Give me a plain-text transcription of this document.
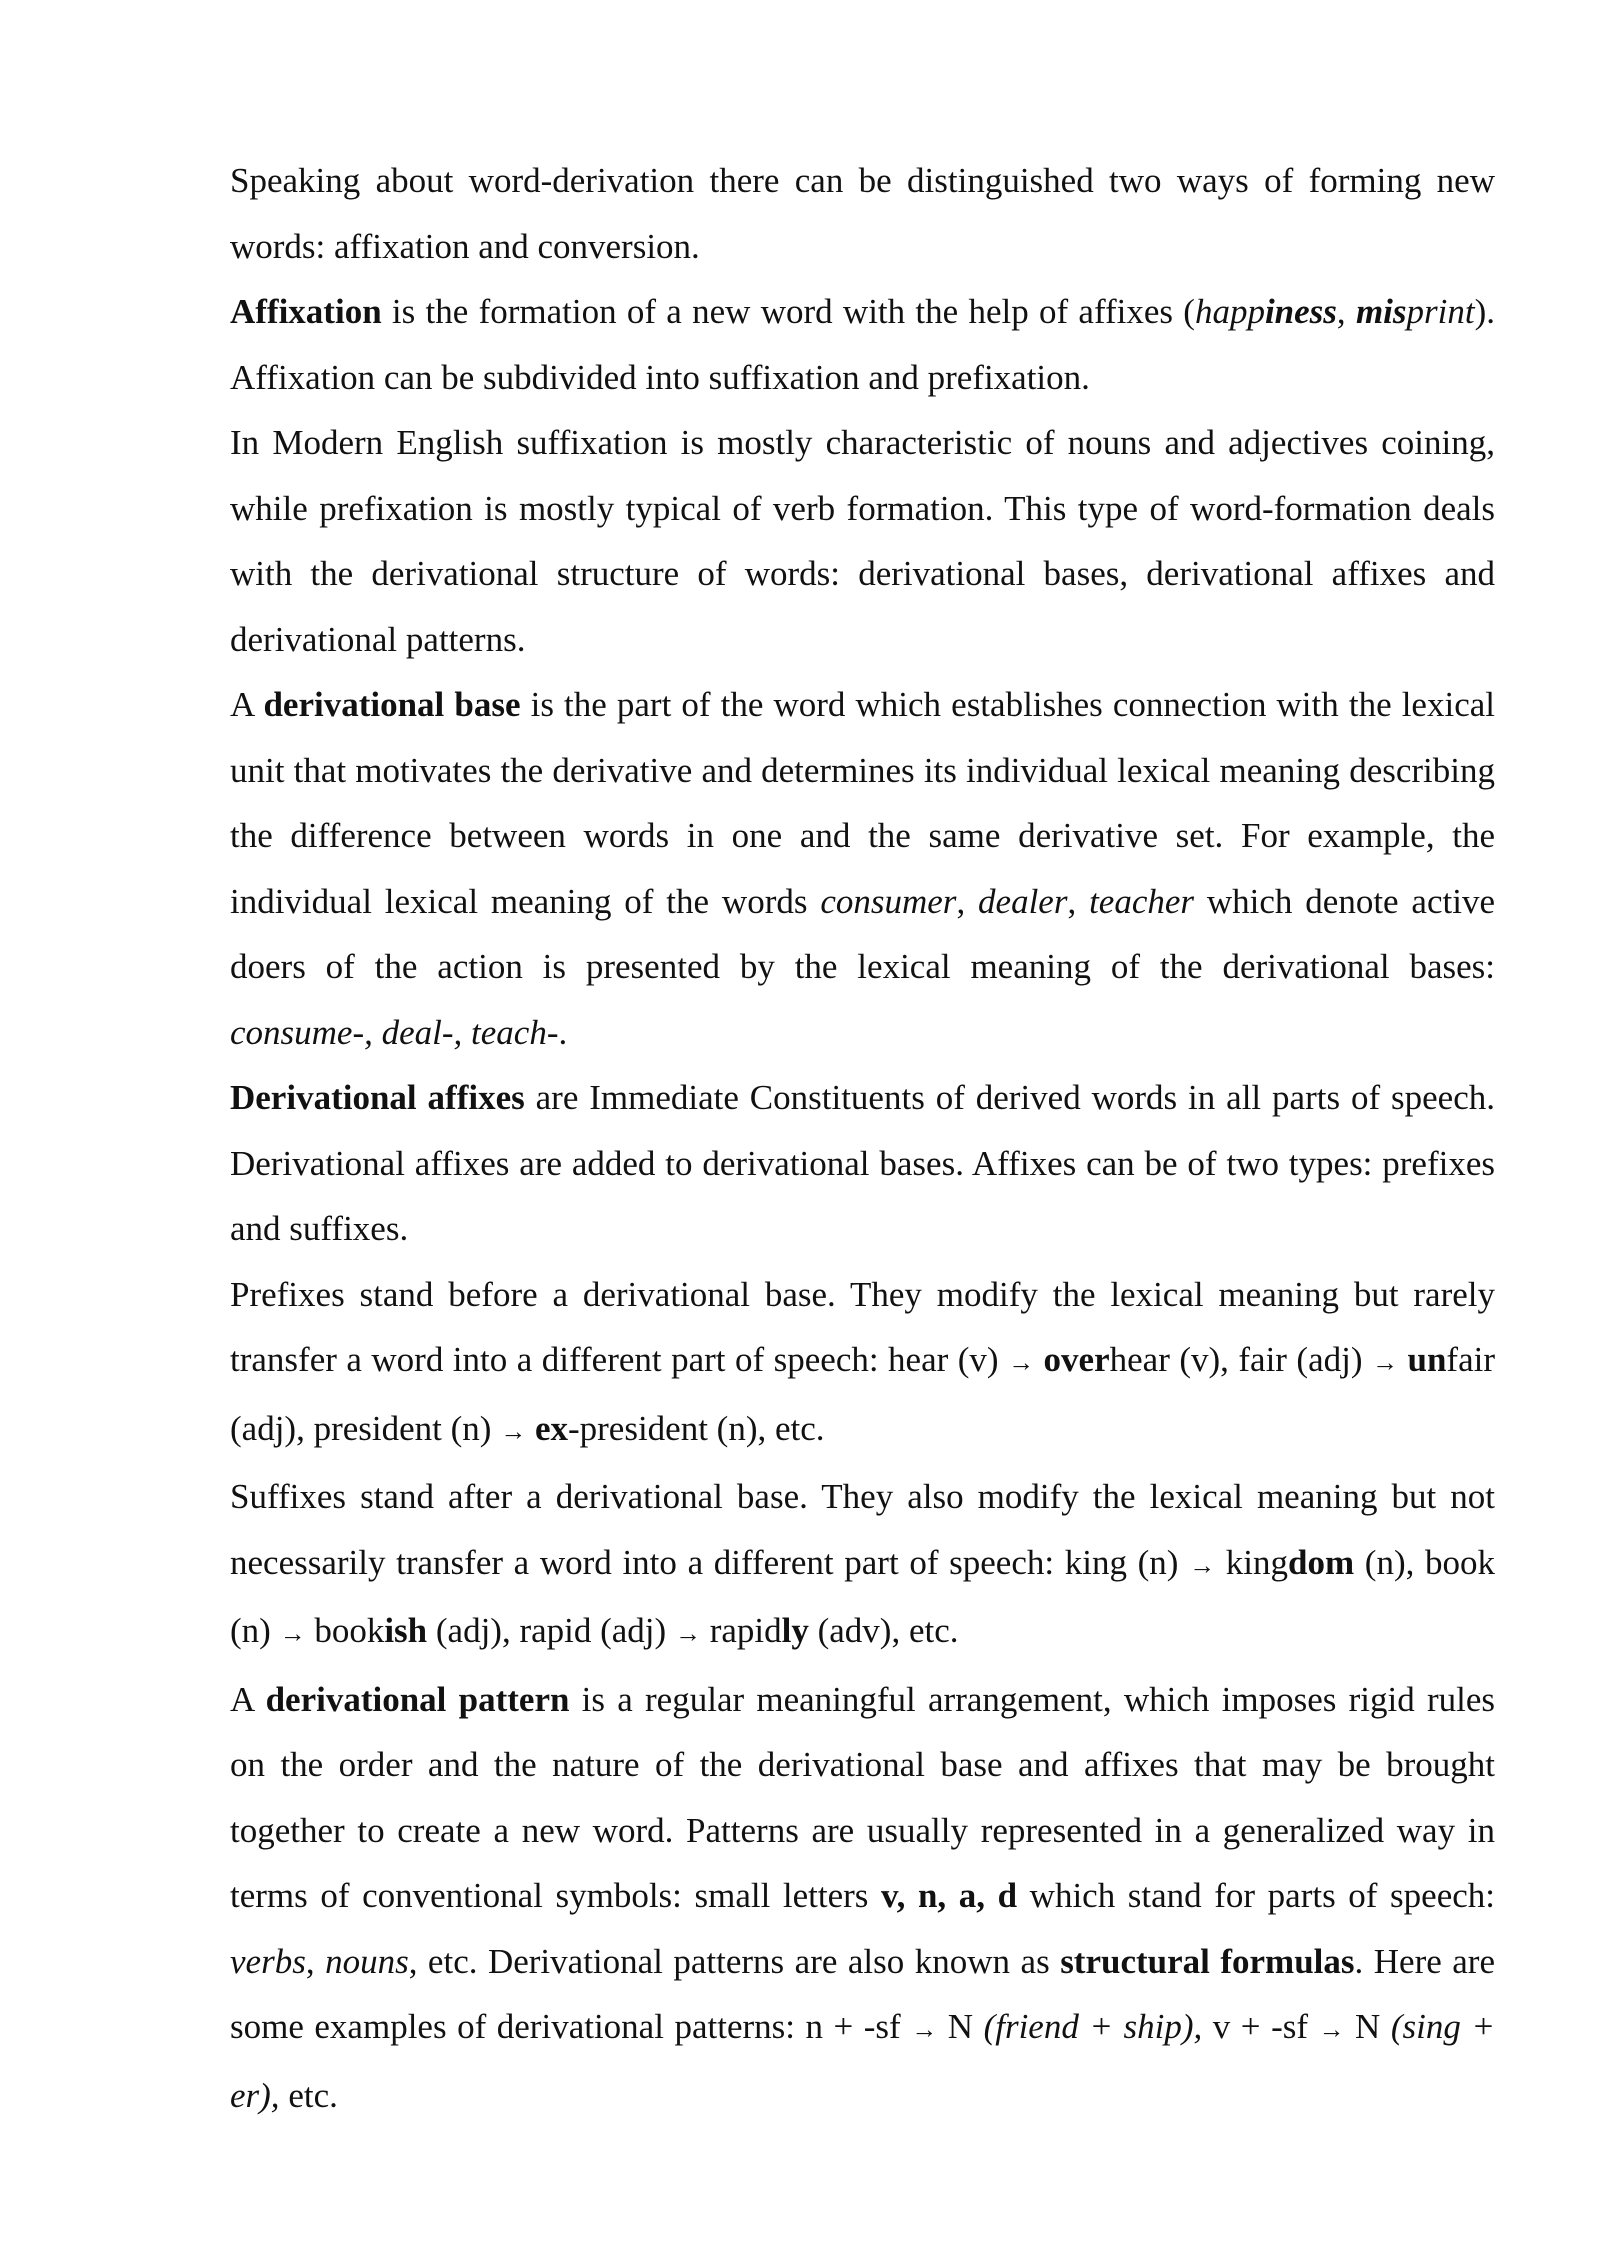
Speaking about word-derivation there can be distinguished two ways of forming new words: affixation and conversion.

Affixation is the formation of a new word with the help of affixes (happiness, misprint). Affixation can be subdivided into suffixation and prefixation.

In Modern English suffixation is mostly characteristic of nouns and adjectives coining, while prefixation is mostly typical of verb formation. This type of word-formation deals with the derivational structure of words: derivational bases, derivational affixes and derivational patterns.

A derivational base is the part of the word which establishes connection with the lexical unit that motivates the derivative and determines its individual lexical meaning describing the difference between words in one and the same derivative set. For example, the individual lexical meaning of the words consumer, dealer, teacher which denote active doers of the action is presented by the lexical meaning of the derivational bases: consume-, deal-, teach-.

Derivational affixes are Immediate Constituents of derived words in all parts of speech. Derivational affixes are added to derivational bases. Affixes can be of two types: prefixes and suffixes.

Prefixes stand before a derivational base. They modify the lexical meaning but rarely transfer a word into a different part of speech: hear (v) → overhear (v), fair (adj) → unfair (adj), president (n) → ex-president (n), etc.

Suffixes stand after a derivational base. They also modify the lexical meaning but not necessarily transfer a word into a different part of speech: king (n) → kingdom (n), book (n) → bookish (adj), rapid (adj) → rapidly (adv), etc.

A derivational pattern is a regular meaningful arrangement, which imposes rigid rules on the order and the nature of the derivational base and affixes that may be brought together to create a new word. Patterns are usually represented in a generalized way in terms of conventional symbols: small letters v, n, a, d which stand for parts of speech: verbs, nouns, etc. Derivational patterns are also known as structural formulas. Here are some examples of derivational patterns: n + -sf → N (friend + ship), v + -sf → N (sing + er), etc.
